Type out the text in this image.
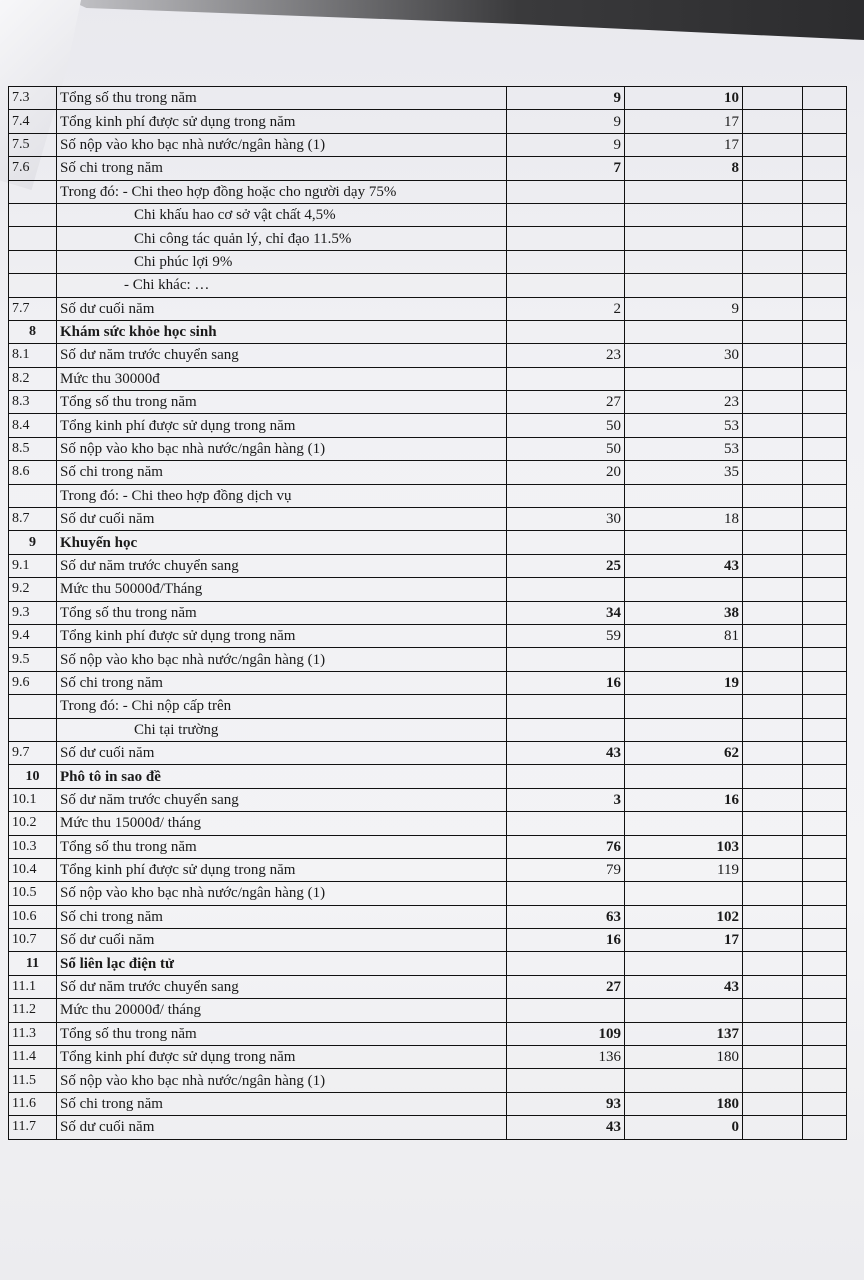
7.3	Tổng số thu trong năm	9	10		
7.4	Tổng kinh phí được sử dụng trong năm	9	17		
7.5	Số nộp vào kho bạc nhà nước/ngân hàng (1)	9	17		
7.6	Số chi trong năm	7	8		
	Trong đó: - Chi theo hợp đồng hoặc cho người dạy 75%				
	Chi khấu hao cơ sở vật chất 4,5%				
	Chi công tác quản lý, chỉ đạo 11.5%				
	Chi phúc lợi 9%				
	- Chi khác: …				
7.7	Số dư cuối năm	2	9		
8	Khám sức khỏe học sinh				
8.1	Số dư năm trước chuyển sang	23	30		
8.2	Mức thu 30000đ				
8.3	Tổng số thu trong năm	27	23		
8.4	Tổng kinh phí được sử dụng trong năm	50	53		
8.5	Số nộp vào kho bạc nhà nước/ngân hàng (1)	50	53		
8.6	Số chi trong năm	20	35		
	Trong đó: - Chi theo hợp đồng dịch vụ				
8.7	Số dư cuối năm	30	18		
9	Khuyến học				
9.1	Số dư năm trước chuyển sang	25	43		
9.2	Mức thu 50000đ/Tháng				
9.3	Tổng số thu trong năm	34	38		
9.4	Tổng kinh phí được sử dụng trong năm	59	81		
9.5	Số nộp vào kho bạc nhà nước/ngân hàng (1)				
9.6	Số chi trong năm	16	19		
	Trong đó: - Chi nộp cấp trên				
	Chi tại trường				
9.7	Số dư cuối năm	43	62		
10	Phô tô in sao đề				
10.1	Số dư năm trước chuyển sang	3	16		
10.2	Mức thu 15000đ/ tháng				
10.3	Tổng số thu trong năm	76	103		
10.4	Tổng kinh phí được sử dụng trong năm	79	119		
10.5	Số nộp vào kho bạc nhà nước/ngân hàng (1)				
10.6	Số chi trong năm	63	102		
10.7	Số dư cuối năm	16	17		
11	Sổ liên lạc điện tử				
11.1	Số dư năm trước chuyển sang	27	43		
11.2	Mức thu 20000đ/ tháng				
11.3	Tổng số thu trong năm	109	137		
11.4	Tổng kinh phí được sử dụng trong năm	136	180		
11.5	Số nộp vào kho bạc nhà nước/ngân hàng (1)				
11.6	Số chi trong năm	93	180		
11.7	Số dư cuối năm	43	0		
